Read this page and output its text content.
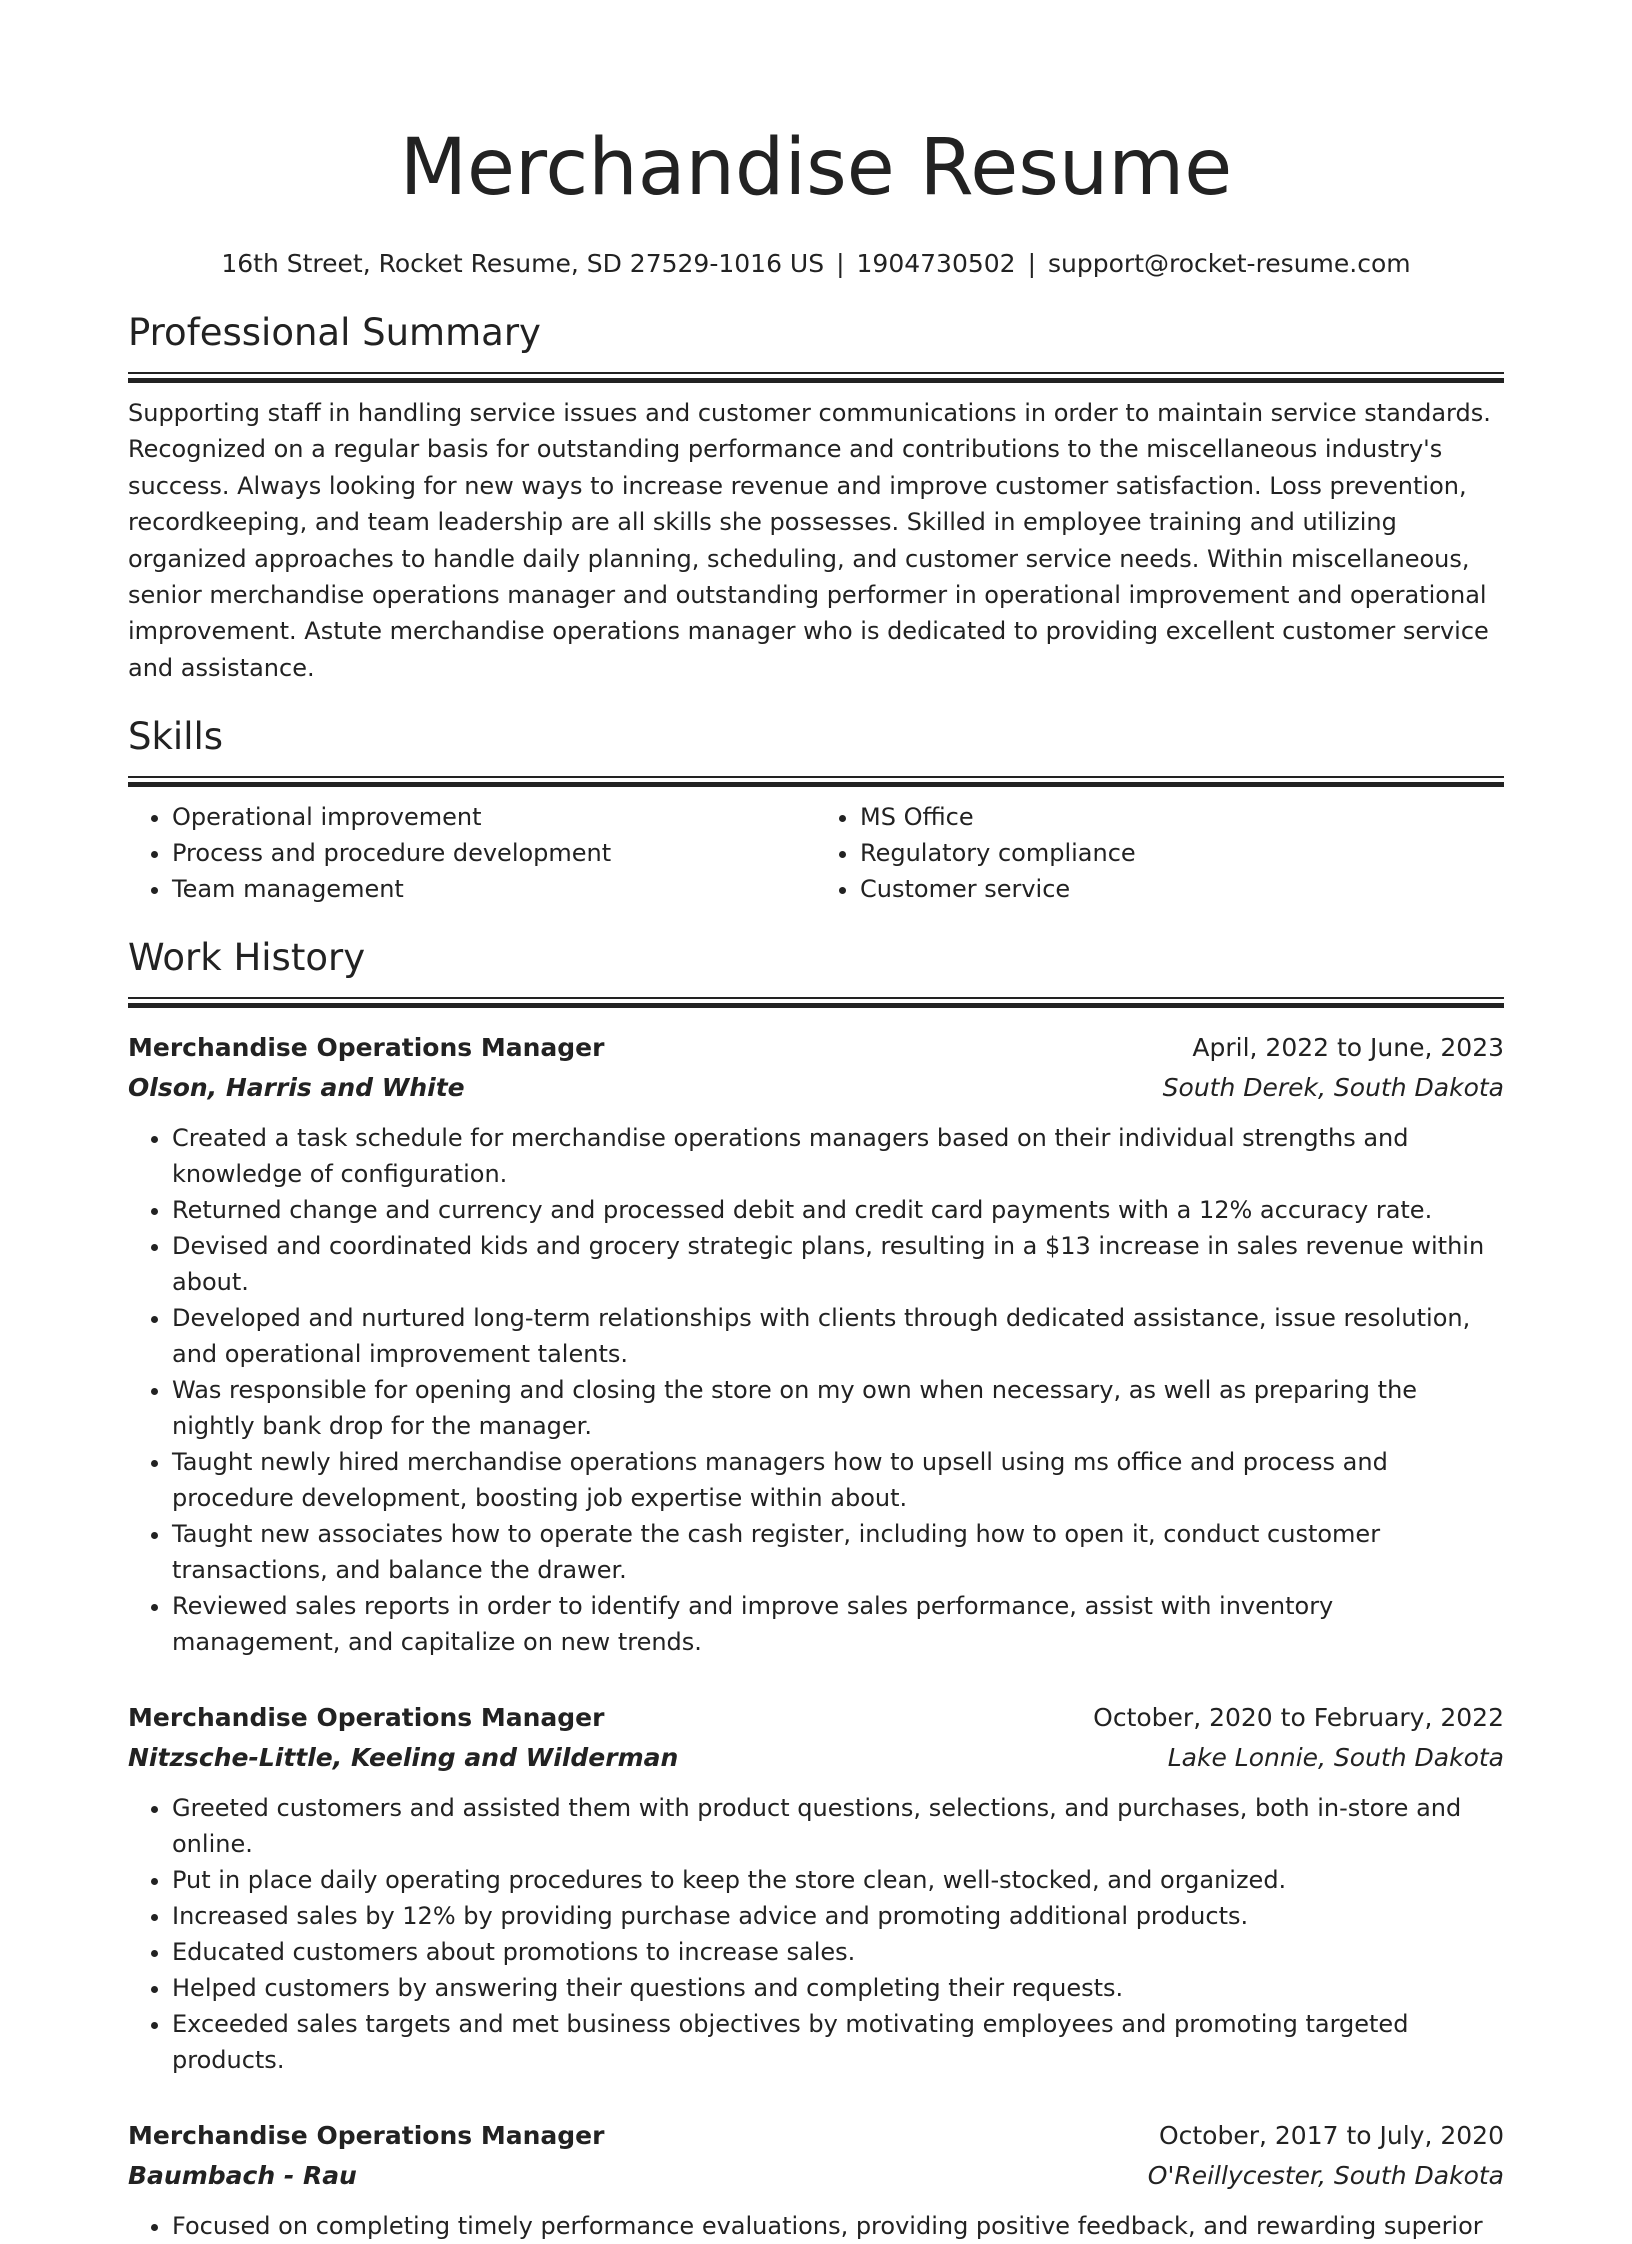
Merchandise Resume
16th Street, Rocket Resume, SD 27529-1016 US | 1904730502 | support@rocket-resume.com
Professional Summary

Supporting staff in handling service issues and customer communications in order to maintain service standards. Recognized on a regular basis for outstanding performance and contributions to the miscellaneous industry's success. Always looking for new ways to increase revenue and improve customer satisfaction. Loss prevention, recordkeeping, and team leadership are all skills she possesses. Skilled in employee training and utilizing organized approaches to handle daily planning, scheduling, and customer service needs. Within miscellaneous, senior merchandise operations manager and outstanding performer in operational improvement and operational improvement. Astute merchandise operations manager who is dedicated to providing excellent customer service and assistance.

Skills
• Operational improvement
• Process and procedure development
• Team management
• MS Office
• Regulatory compliance
• Customer service
Work History
Merchandise Operations Manager	April, 2022 to June, 2023
Olson, Harris and White	South Derek, South Dakota
• Created a task schedule for merchandise operations managers based on their individual strengths and knowledge of configuration.
• Returned change and currency and processed debit and credit card payments with a 12% accuracy rate.
• Devised and coordinated kids and grocery strategic plans, resulting in a $13 increase in sales revenue within about.
• Developed and nurtured long-term relationships with clients through dedicated assistance, issue resolution, and operational improvement talents.
• Was responsible for opening and closing the store on my own when necessary, as well as preparing the nightly bank drop for the manager.
• Taught newly hired merchandise operations managers how to upsell using ms office and process and procedure development, boosting job expertise within about.
• Taught new associates how to operate the cash register, including how to open it, conduct customer transactions, and balance the drawer.
• Reviewed sales reports in order to identify and improve sales performance, assist with inventory management, and capitalize on new trends.
Merchandise Operations Manager	October, 2020 to February, 2022
Nitzsche-Little, Keeling and Wilderman	Lake Lonnie, South Dakota
• Greeted customers and assisted them with product questions, selections, and purchases, both in-store and online.
• Put in place daily operating procedures to keep the store clean, well-stocked, and organized.
• Increased sales by 12% by providing purchase advice and promoting additional products.
• Educated customers about promotions to increase sales.
• Helped customers by answering their questions and completing their requests.
• Exceeded sales targets and met business objectives by motivating employees and promoting targeted products.
Merchandise Operations Manager	October, 2017 to July, 2020
Baumbach - Rau	O'Reillycester, South Dakota
• Focused on completing timely performance evaluations, providing positive feedback, and rewarding superior
